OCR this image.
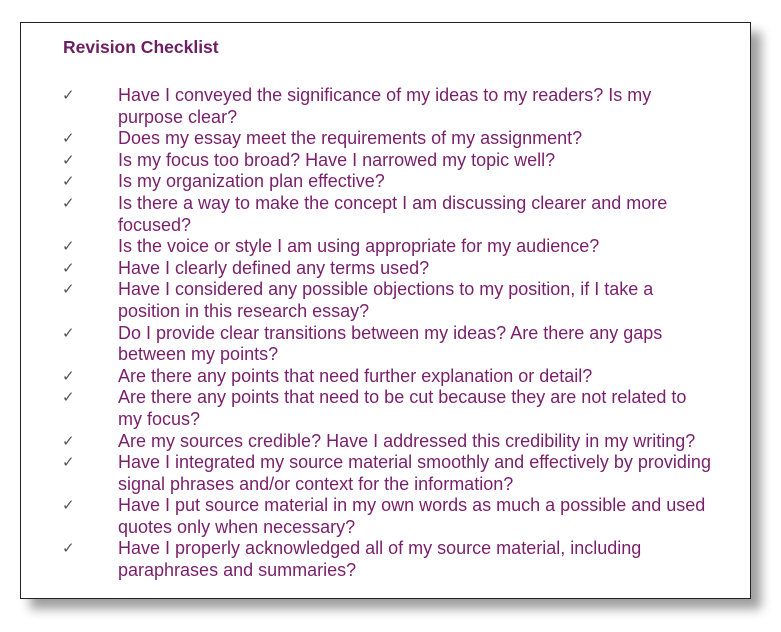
Revision Checklist
✓ Have I conveyed the significance of my ideas to my readers? Is my
purpose clear?
✓ Does my essay meet the requirements of my assignment?
✓ Is my focus too broad? Have I narrowed my topic well?
✓ Is my organization plan effective?
✓ Is there a way to make the concept I am discussing clearer and more
focused?
✓ Is the voice or style I am using appropriate for my audience?
✓ Have I clearly defined any terms used?
✓ Have I considered any possible objections to my position, if I take a
position in this research essay?
✓ Do I provide clear transitions between my ideas? Are there any gaps
between my points?
✓ Are there any points that need further explanation or detail?
✓ Are there any points that need to be cut because they are not related to
my focus?
✓ Are my sources credible? Have I addressed this credibility in my writing?
✓ Have I integrated my source material smoothly and effectively by providing
signal phrases and/or context for the information?
✓ Have I put source material in my own words as much a possible and used
quotes only when necessary?
✓ Have I properly acknowledged all of my source material, including
paraphrases and summaries?
